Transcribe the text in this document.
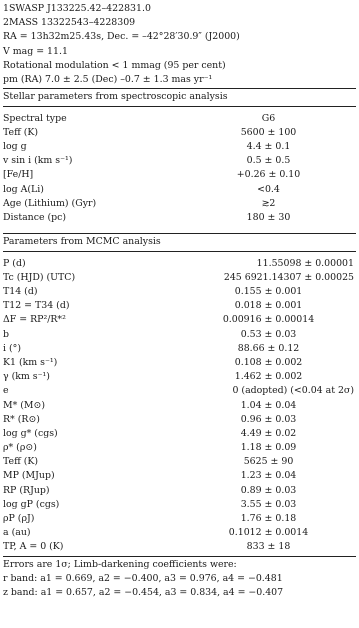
1SWASP J133225.42–422831.0
2MASS 13322543–4228309
RA = 13h32m25.43s, Dec. = –42°28′30.9″ (J2000)
V mag = 11.1
Rotational modulation < 1 mmag (95 per cent)
pm (RA) 7.0 ± 2.5 (Dec) –0.7 ± 1.3 mas yr⁻¹
Stellar parameters from spectroscopic analysis
Spectral type	G6
Teff (K)	5600 ± 100
log g	4.4 ± 0.1
v sin i (km s⁻¹)	0.5 ± 0.5
[Fe/H]	+0.26 ± 0.10
log A(Li)	<0.4
Age (Lithium) (Gyr)	≳2
Distance (pc)	180 ± 30
Parameters from MCMC analysis
P (d)	11.55098 ± 0.00001
Tc (HJD) (UTC)	245 6921.14307 ± 0.00025
T14 (d)	0.155 ± 0.001
T12 = T34 (d)	0.018 ± 0.001
ΔF = RP²/R*²	0.00916 ± 0.00014
b	0.53 ± 0.03
i (°)	88.66 ± 0.12
K1 (km s⁻¹)	0.108 ± 0.002
γ (km s⁻¹)	1.462 ± 0.002
e	0 (adopted) (<0.04 at 2σ)
M* (M⊙)	1.04 ± 0.04
R* (R⊙)	0.96 ± 0.03
log g* (cgs)	4.49 ± 0.02
ρ* (ρ⊙)	1.18 ± 0.09
Teff (K)	5625 ± 90
MP (MJup)	1.23 ± 0.04
RP (RJup)	0.89 ± 0.03
log gP (cgs)	3.55 ± 0.03
ρP (ρJ)	1.76 ± 0.18
a (au)	0.1012 ± 0.0014
TP, A = 0 (K)	833 ± 18
Errors are 1σ; Limb-darkening coefficients were:
r band: a1 = 0.669, a2 = −0.400, a3 = 0.976, a4 = −0.481
z band: a1 = 0.657, a2 = −0.454, a3 = 0.834, a4 = −0.407
